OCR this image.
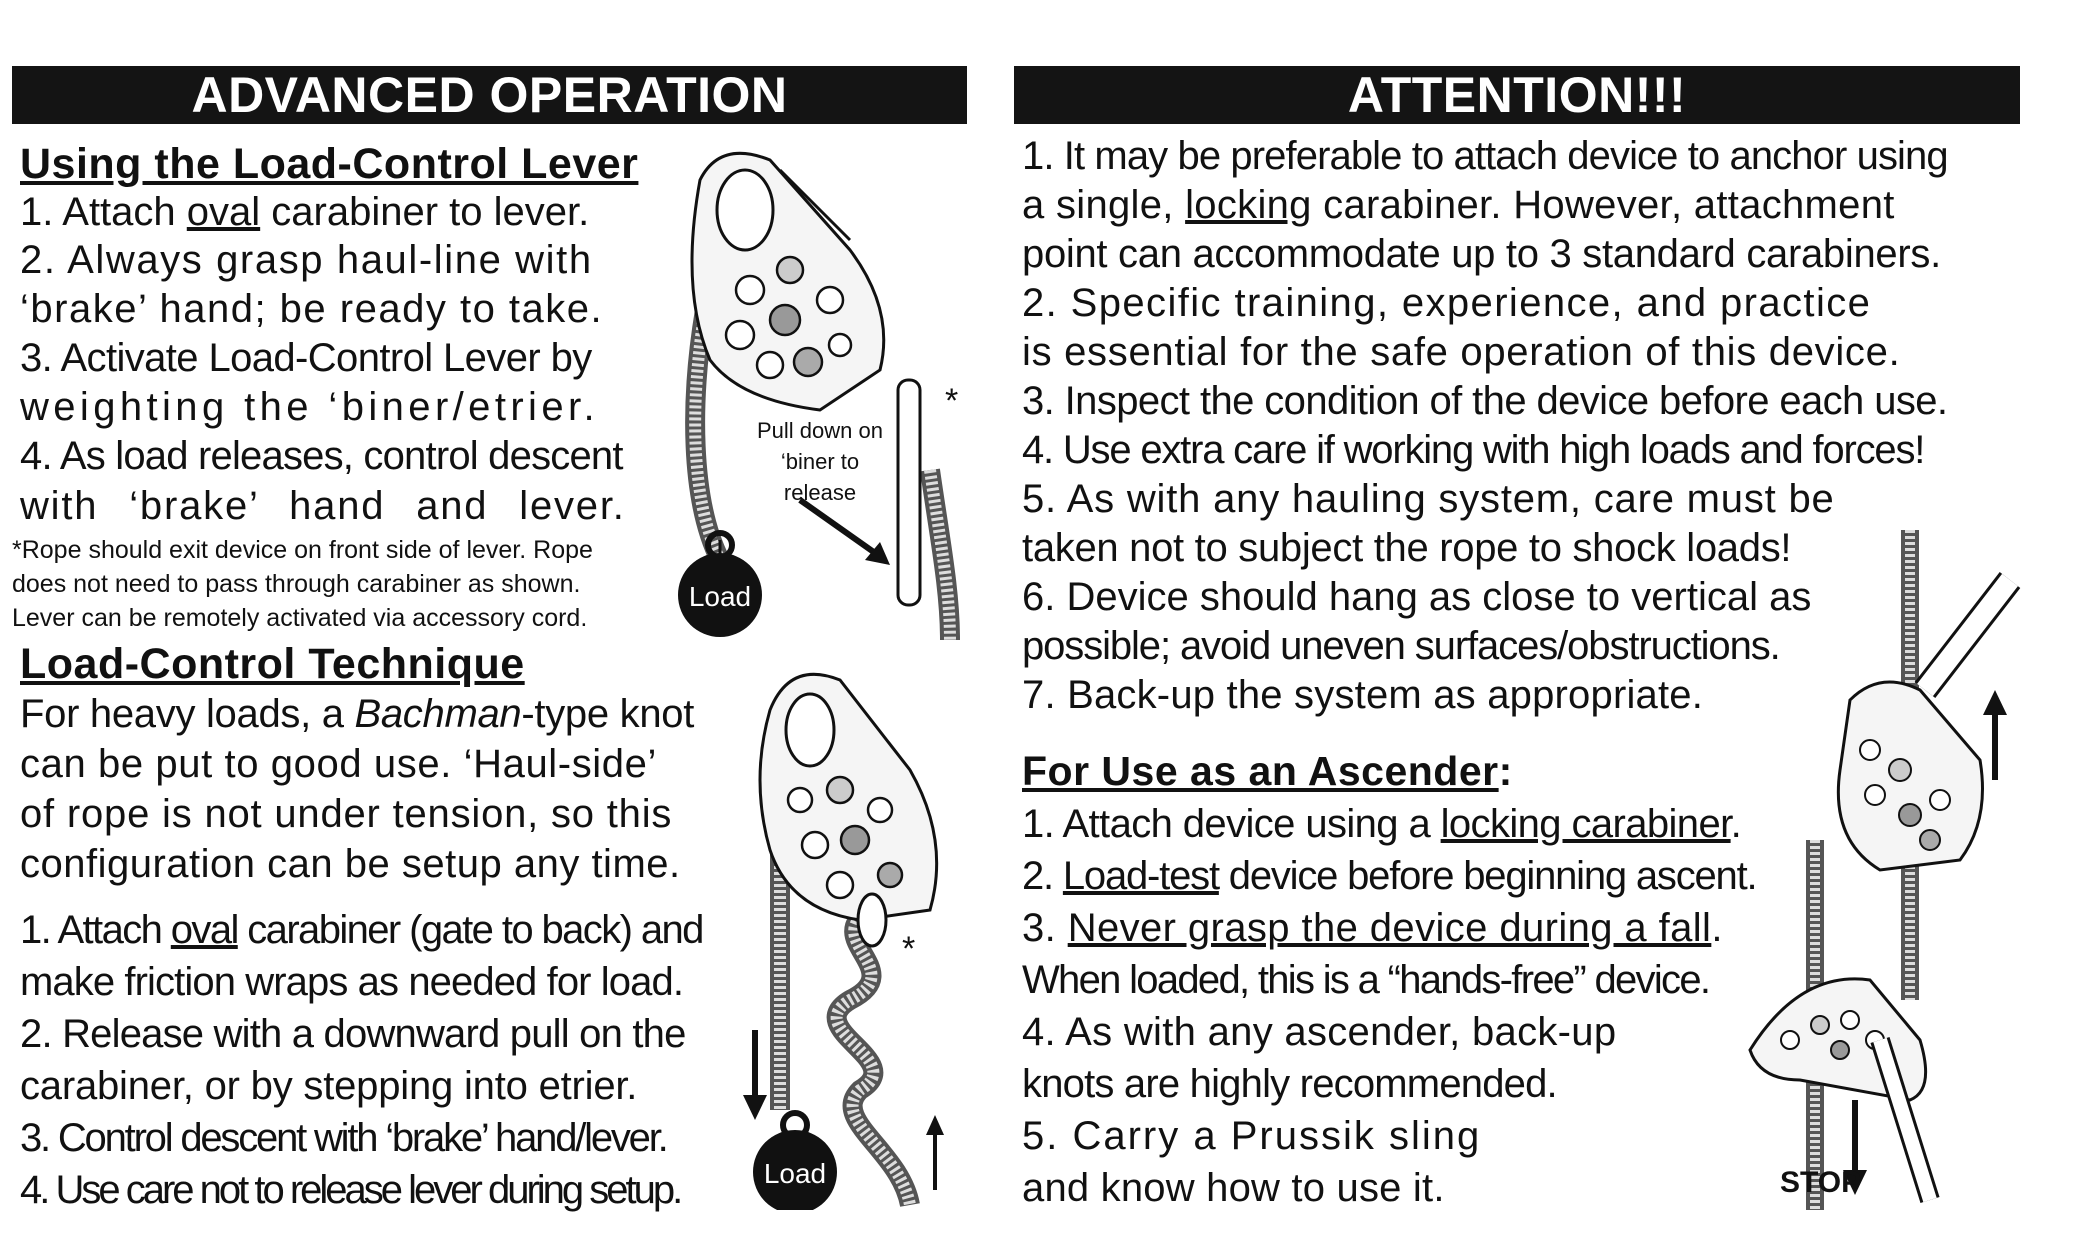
ADVANCED OPERATION
Using the Load-Control Lever
1. Attach oval carabiner to lever.
2. Always grasp haul-line with
‘brake’ hand; be ready to take.
3. Activate Load-Control Lever by
weighting the ‘biner/etrier.
4. As load releases, control descent
with ‘brake’ hand and lever.
*Rope should exit device on front side of lever. Rope
does not need to pass through carabiner as shown.
Lever can be remotely activated via accessory cord.
Load
*
Pull down on
‘biner to
release
Load-Control Technique
For heavy loads, a Bachman-type knot
can be put to good use. ‘Haul-side’
of rope is not under tension, so this
configuration can be setup any time.
1. Attach oval carabiner (gate to back) and
make friction wraps as needed for load.
2. Release with a downward pull on the
carabiner, or by stepping into etrier.
3. Control descent with ‘brake’ hand/lever.
4. Use care not to release lever during setup.	Load
*
ATTENTION!!!
1. It may be preferable to attach device to anchor using
a single, locking carabiner. However, attachment
point can accommodate up to 3 standard carabiners.
2. Specific training, experience, and practice
is essential for the safe operation of this device.
3. Inspect the condition of the device before each use.
4. Use extra care if working with high loads and forces!
5. As with any hauling system, care must be
taken not to subject the rope to shock loads!
6. Device should hang as close to vertical as
possible; avoid uneven surfaces/obstructions.
7. Back-up the system as appropriate.
For Use as an Ascender:
1. Attach device using a locking carabiner.
2. Load-test device before beginning ascent.
3. Never grasp the device during a fall.
When loaded, this is a “hands-free” device.
4. As with any ascender, back-up
knots are highly recommended.
5. Carry a Prussik sling
and know how to use it.	STOP
